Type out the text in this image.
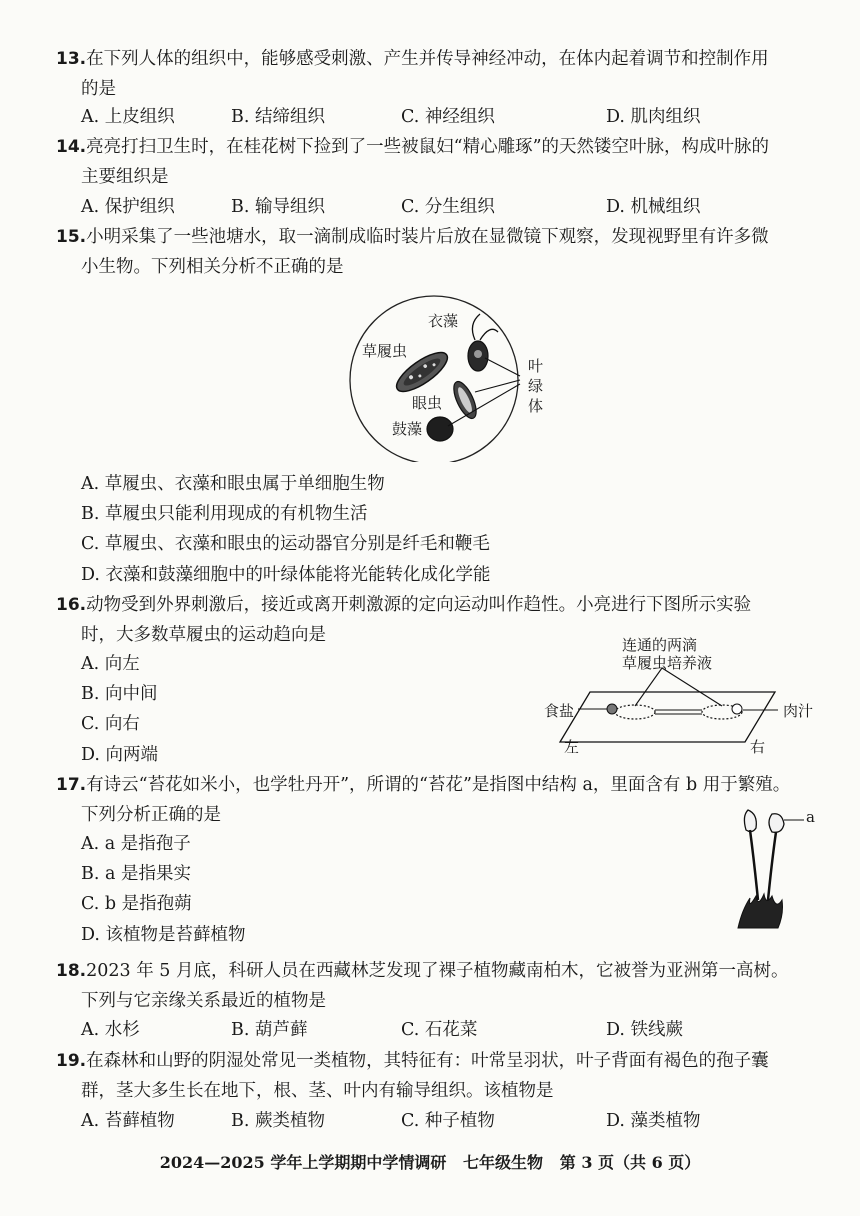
13.在下列人体的组织中，能够感受刺激、产生并传导神经冲动，在体内起着调节和控制作用
的是
A. 上皮组织	B. 结缔组织	C. 神经组织	D. 肌肉组织
14.亮亮打扫卫生时，在桂花树下捡到了一些被鼠妇“精心雕琢”的天然镂空叶脉，构成叶脉的
主要组织是
A. 保护组织	B. 输导组织	C. 分生组织	D. 机械组织
15.小明采集了一些池塘水，取一滴制成临时装片后放在显微镜下观察，发现视野里有许多微
小生物。下列相关分析不正确的是
衣藻
草履虫
眼虫
鼓藻
叶绿体
A. 草履虫、衣藻和眼虫属于单细胞生物
B. 草履虫只能利用现成的有机物生活
C. 草履虫、衣藻和眼虫的运动器官分别是纤毛和鞭毛
D. 衣藻和鼓藻细胞中的叶绿体能将光能转化成化学能
16.动物受到外界刺激后，接近或离开刺激源的定向运动叫作趋性。小亮进行下图所示实验
时，大多数草履虫的运动趋向是
A. 向左
B. 向中间
C. 向右
D. 向两端
连通的两滴
草履虫培养液
食盐	肉汁
左	右
17.有诗云“苔花如米小，也学牡丹开”，所谓的“苔花”是指图中结构 a，里面含有 b 用于繁殖。
下列分析正确的是
A. a 是指孢子
B. a 是指果实
C. b 是指孢蒴
D. 该植物是苔藓植物
a
18.2023 年 5 月底，科研人员在西藏林芝发现了裸子植物藏南柏木，它被誉为亚洲第一高树。
下列与它亲缘关系最近的植物是
A. 水杉	B. 葫芦藓	C. 石花菜	D. 铁线蕨
19.在森林和山野的阴湿处常见一类植物，其特征有：叶常呈羽状，叶子背面有褐色的孢子囊
群，茎大多生长在地下，根、茎、叶内有输导组织。该植物是
A. 苔藓植物	B. 蕨类植物	C. 种子植物	D. 藻类植物
2024—2025 学年上学期期中学情调研   七年级生物   第 3 页（共 6 页）
